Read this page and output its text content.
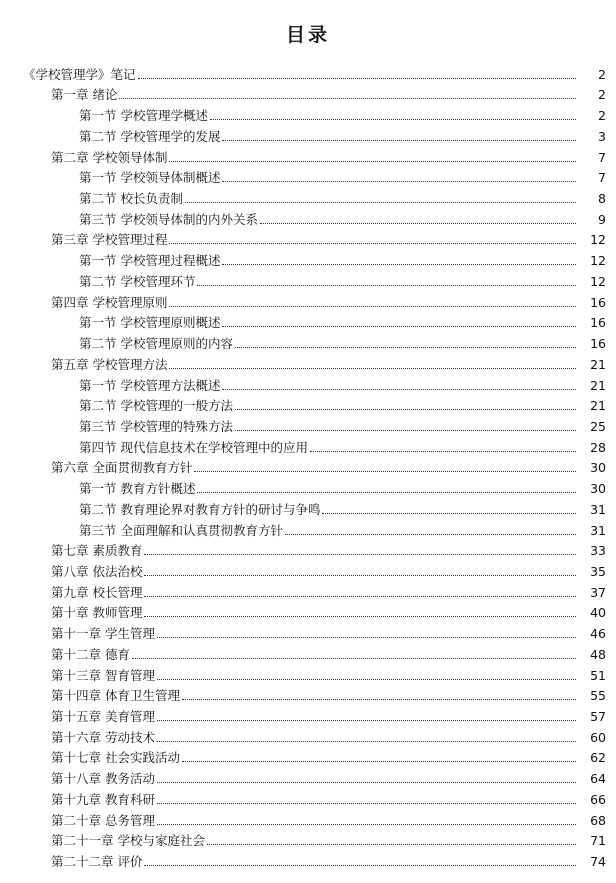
目录
《学校管理学》笔记	2
第一章 绪论	2
第一节 学校管理学概述	2
第二节 学校管理学的发展	3
第二章 学校领导体制	7
第一节 学校领导体制概述	7
第二节 校长负责制	8
第三节 学校领导体制的内外关系	9
第三章 学校管理过程	12
第一节 学校管理过程概述	12
第二节 学校管理环节	12
第四章 学校管理原则	16
第一节 学校管理原则概述	16
第二节 学校管理原则的内容	16
第五章 学校管理方法	21
第一节 学校管理方法概述	21
第二节 学校管理的一般方法	21
第三节 学校管理的特殊方法	25
第四节 现代信息技术在学校管理中的应用	28
第六章 全面贯彻教育方针	30
第一节 教育方针概述	30
第二节 教育理论界对教育方针的研讨与争鸣	31
第三节 全面理解和认真贯彻教育方针	31
第七章 素质教育	33
第八章 依法治校	35
第九章 校长管理	37
第十章 教师管理	40
第十一章 学生管理	46
第十二章 德育	48
第十三章 智育管理	51
第十四章 体育卫生管理	55
第十五章 美育管理	57
第十六章 劳动技术	60
第十七章 社会实践活动	62
第十八章 教务活动	64
第十九章 教育科研	66
第二十章 总务管理	68
第二十一章 学校与家庭社会	71
第二十二章 评价	74
